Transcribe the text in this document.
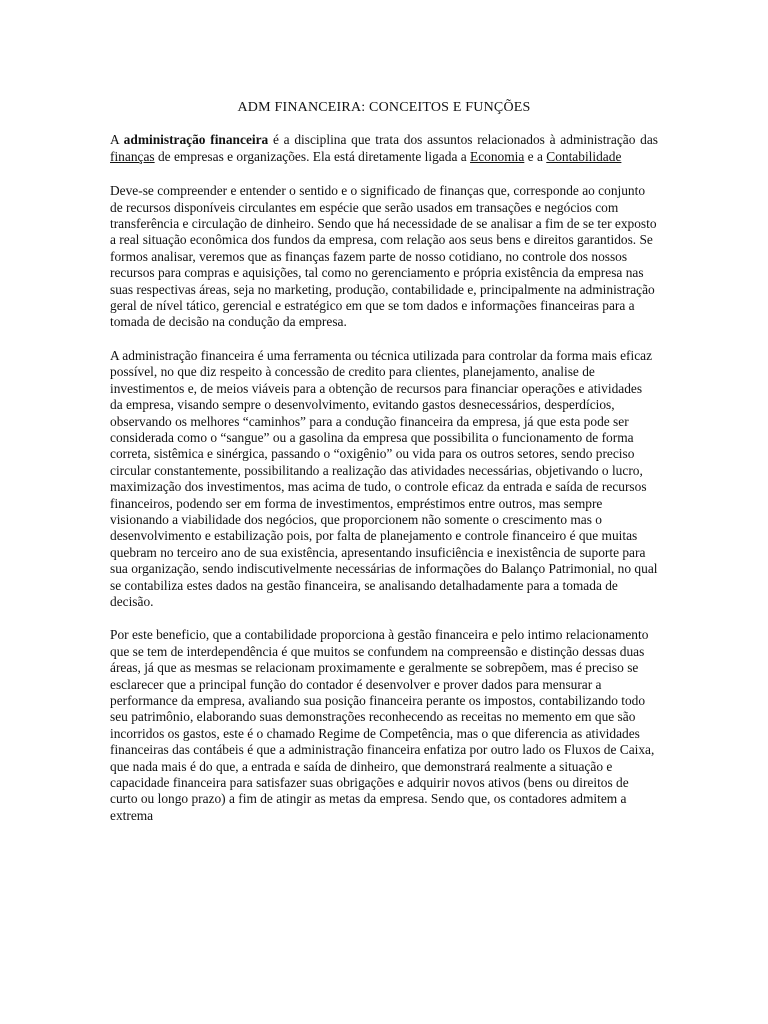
ADM FINANCEIRA: CONCEITOS E FUNÇÕES

A administração financeira é a disciplina que trata dos assuntos relacionados à administração das finanças de empresas e organizações. Ela está diretamente ligada a Economia e a Contabilidade

Deve-se compreender e entender o sentido e o significado de finanças que, corresponde ao conjunto de recursos disponíveis circulantes em espécie que serão usados em transações e negócios com transferência e circulação de dinheiro. Sendo que há necessidade de se analisar a fim de se ter exposto a real situação econômica dos fundos da empresa, com relação aos seus bens e direitos garantidos. Se formos analisar, veremos que as finanças fazem parte de nosso cotidiano, no controle dos nossos recursos para compras e aquisições, tal como no gerenciamento e própria existência da empresa nas suas respectivas áreas, seja no marketing, produção, contabilidade e, principalmente na administração geral de nível tático, gerencial e estratégico em que se tom dados e informações financeiras para a tomada de decisão na condução da empresa.

A administração financeira é uma ferramenta ou técnica utilizada para controlar da forma mais eficaz possível, no que diz respeito à concessão de credito para clientes, planejamento, analise de investimentos e, de meios viáveis para a obtenção de recursos para financiar operações e atividades da empresa, visando sempre o desenvolvimento, evitando gastos desnecessários, desperdícios, observando os melhores “caminhos” para a condução financeira da empresa, já que esta pode ser considerada como o “sangue” ou a gasolina da empresa que possibilita o funcionamento de forma correta, sistêmica e sinérgica, passando o “oxigênio” ou vida para os outros setores, sendo preciso circular constantemente, possibilitando a realização das atividades necessárias, objetivando o lucro, maximização dos investimentos, mas acima de tudo, o controle eficaz da entrada e saída de recursos financeiros, podendo ser em forma de investimentos, empréstimos entre outros, mas sempre visionando a viabilidade dos negócios, que proporcionem não somente o crescimento mas o desenvolvimento e estabilização pois, por falta de planejamento e controle financeiro é que muitas quebram no terceiro ano de sua existência, apresentando insuficiência e inexistência de suporte para sua organização, sendo indiscutivelmente necessárias de informações do Balanço Patrimonial, no qual se contabiliza estes dados na gestão financeira, se analisando detalhadamente para a tomada de decisão.

Por este beneficio, que a contabilidade proporciona à gestão financeira e pelo intimo relacionamento que se tem de interdependência é que muitos se confundem na compreensão e distinção dessas duas áreas, já que as mesmas se relacionam proximamente e geralmente se sobrepõem, mas é preciso se esclarecer que a principal função do contador é desenvolver e prover dados para mensurar a performance da empresa, avaliando sua posição financeira perante os impostos, contabilizando todo seu patrimônio, elaborando suas demonstrações reconhecendo as receitas no memento em que são incorridos os gastos, este é o chamado Regime de Competência, mas o que diferencia as atividades financeiras das contábeis é que a administração financeira enfatiza por outro lado os Fluxos de Caixa, que nada mais é do que, a entrada e saída de dinheiro, que demonstrará realmente a situação e capacidade financeira para satisfazer suas obrigações e adquirir novos ativos (bens ou direitos de curto ou longo prazo) a fim de atingir as metas da empresa. Sendo que, os contadores admitem a extrema
